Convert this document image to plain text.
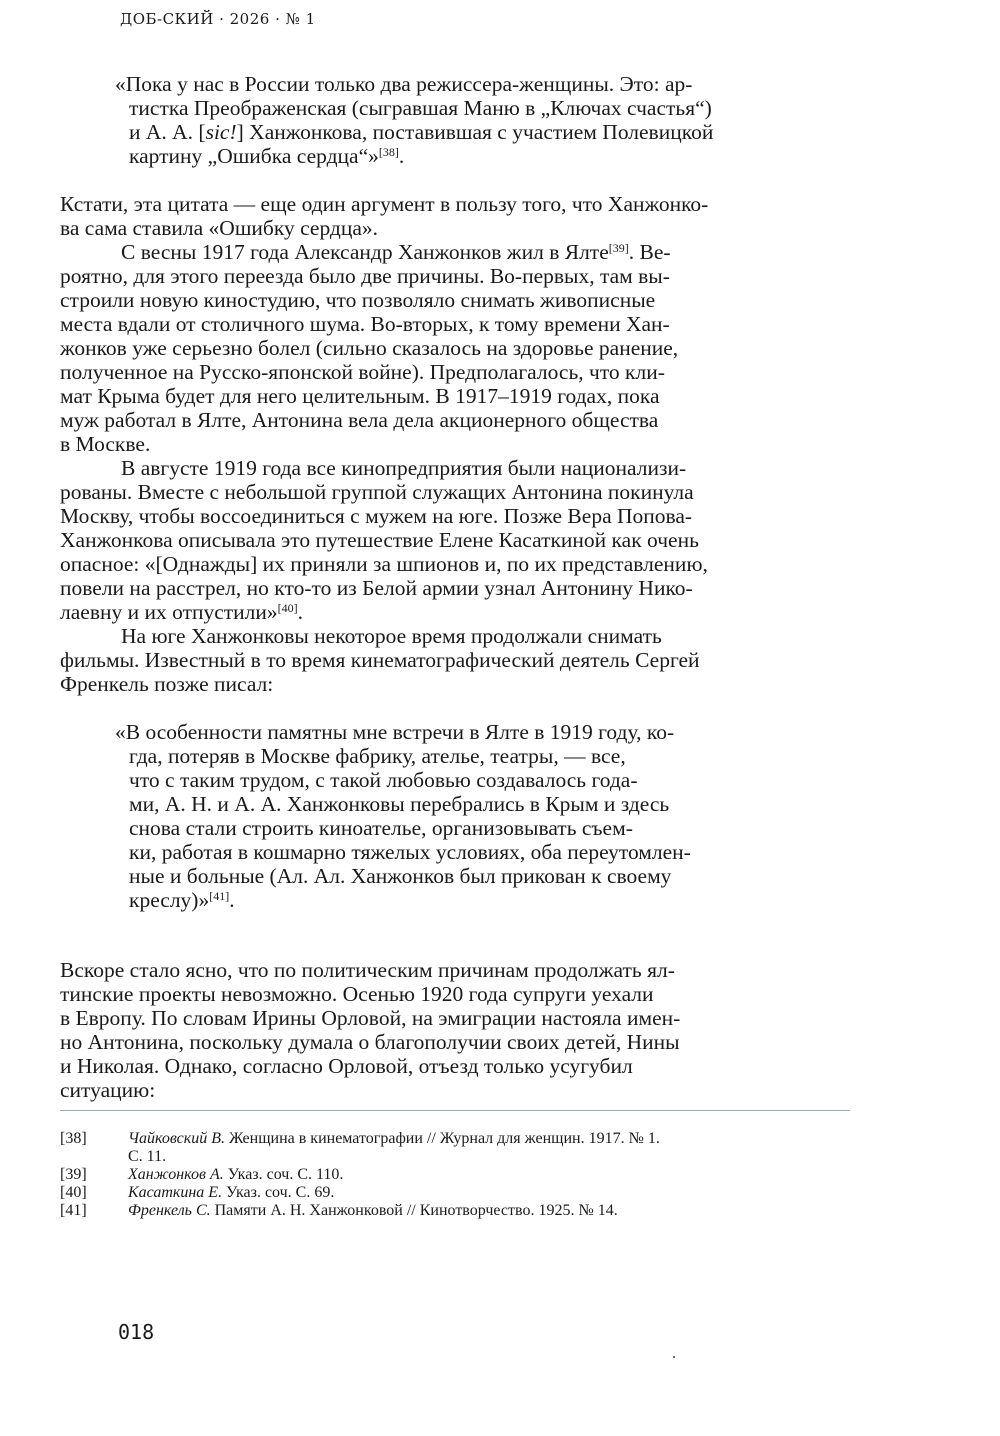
ДОБ-СКИЙ · 2026 · № 1
«Пока у нас в России только два режиссера-женщины. Это: ар-
тистка Преображенская (сыгравшая Маню в „Ключах счастья“)
и А. А. [sic!] Ханжонкова, поставившая с участием Полевицкой
картину „Ошибка сердца“»[38].
Кстати, эта цитата — еще один аргумент в пользу того, что Ханжонко-
ва сама ставила «Ошибку сердца».
С весны 1917 года Александр Ханжонков жил в Ялте[39]. Ве-
роятно, для этого переезда было две причины. Во-первых, там вы-
строили новую киностудию, что позволяло снимать живописные
места вдали от столичного шума. Во-вторых, к тому времени Хан-
жонков уже серьезно болел (сильно сказалось на здоровье ранение,
полученное на Русско-японской войне). Предполагалось, что кли-
мат Крыма будет для него целительным. В 1917–1919 годах, пока
муж работал в Ялте, Антонина вела дела акционерного общества
в Москве.
В августе 1919 года все кинопредприятия были национализи-
рованы. Вместе с небольшой группой служащих Антонина покинула
Москву, чтобы воссоединиться с мужем на юге. Позже Вера Попова-
Ханжонкова описывала это путешествие Елене Касаткиной как очень
опасное: «[Однажды] их приняли за шпионов и, по их представлению,
повели на расстрел, но кто-то из Белой армии узнал Антонину Нико-
лаевну и их отпустили»[40].
На юге Ханжонковы некоторое время продолжали снимать
фильмы. Известный в то время кинематографический деятель Сергей
Френкель позже писал:
«В особенности памятны мне встречи в Ялте в 1919 году, ко-
гда, потеряв в Москве фабрику, ателье, театры, — все,
что с таким трудом, с такой любовью создавалось года-
ми, А. Н. и А. А. Ханжонковы перебрались в Крым и здесь
снова стали строить киноателье, организовывать съем-
ки, работая в кошмарно тяжелых условиях, оба переутомлен-
ные и больные (Ал. Ал. Ханжонков был прикован к своему
креслу)»[41].
Вскоре стало ясно, что по политическим причинам продолжать ял-
тинские проекты невозможно. Осенью 1920 года супруги уехали
в Европу. По словам Ирины Орловой, на эмиграции настояла имен-
но Антонина, поскольку думала о благополучии своих детей, Нины
и Николая. Однако, согласно Орловой, отъезд только усугубил
ситуацию:
[38]	Чайковский В. Женщина в кинематографии // Журнал для женщин. 1917. № 1.
С. 11.
[39]	Ханжонков А. Указ. соч. С. 110.
[40]	Касаткина Е. Указ. соч. С. 69.
[41]	Френкель С. Памяти А. Н. Ханжонковой // Кинотворчество. 1925. № 14.
018
